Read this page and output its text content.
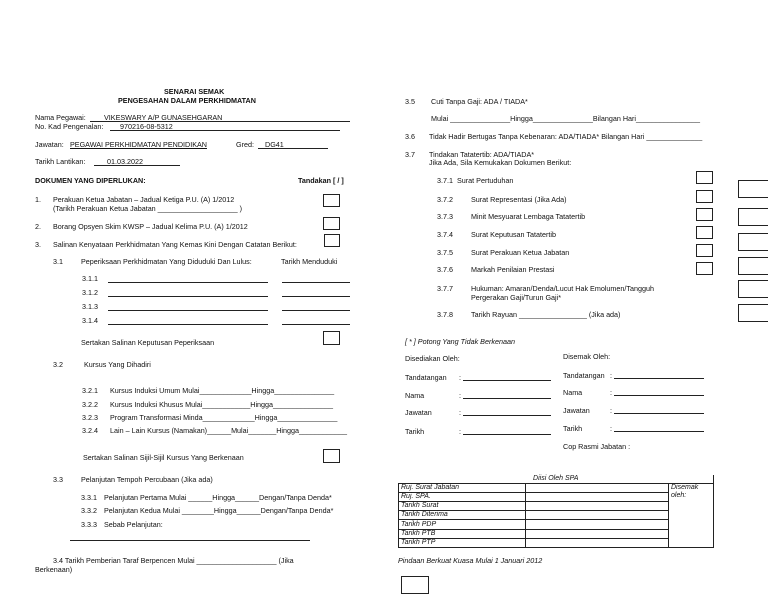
SENARAI SEMAK
PENGESAHAN DALAM PERKHIDMATAN
Nama Pegawai:	VIKESWARY A/P GUNASEHGARAN
No. Kad Pengenalan: 970216-08-5312
Jawatan: PEGAWAI PERKHIDMATAN PENDIDIKAN	Gred: DG41
Tarikh Lantikan:	01.03.2022
DOKUMEN YANG DIPERLUKAN:	Tandakan [ / ]
1. Perakuan Ketua Jabatan – Jadual Ketiga P.U. (A) 1/2012
(Tarikh Perakuan Ketua Jabatan ____________________ )
2. Borang Opsyen Skim KWSP – Jadual Kelima P.U. (A) 1/2012
3. Salinan Kenyataan Perkhidmatan Yang Kemas Kini Dengan Catatan Berikut:
3.1	Peperiksaan Perkhidmatan Yang Diduduki Dan Lulus:	Tarikh Menduduki
3.1.1
3.1.2
3.1.3
3.1.4
Sertakan Salinan Keputusan Peperiksaan
3.2	Kursus Yang Dihadiri
3.2.1 Kursus Induksi Umum Mulai_____________Hingga_______________
3.2.2 Kursus Induksi Khusus Mulai____________Hingga_______________
3.2.3 Program Transformasi Minda_____________Hingga_______________
3.2.4 Lain – Lain Kursus (Namakan)______Mulai_______Hingga____________
Sertakan Salinan Sijil-Sijil Kursus Yang Berkenaan
3.3	Pelanjutan Tempoh Percubaan (Jika ada)
3.3.1 Pelanjutan Pertama Mulai ______Hingga______Dengan/Tanpa Denda*
3.3.2 Pelanjutan Kedua Mulai ________Hingga______Dengan/Tanpa Denda*
3.3.3 Sebab Pelanjutan:
3.4 Tarikh Pemberian Taraf Berpencen Mulai ____________________ (Jika
Berkenaan)
3.5 Cuti Tanpa Gaji: ADA / TIADA*
Mulai _______________Hingga_______________Bilangan Hari________________
3.6 Tidak Hadir Bertugas Tanpa Kebenaran: ADA/TIADA* Bilangan Hari ______________
3.7 Tindakan Tatatertib: ADA/TIADA*
Jika Ada, Sila Kemukakan Dokumen Berikut:
3.7.1 Surat Pertuduhan
3.7.2	Surat Representasi (Jika Ada)
3.7.3	Minit Mesyuarat Lembaga Tatatertib
3.7.4	Surat Keputusan Tatatertib
3.7.5	Surat Perakuan Ketua Jabatan
3.7.6	Markah Penilaian Prestasi
3.7.7	Hukuman: Amaran/Denda/Lucut Hak Emolumen/Tangguh
Pergerakan Gaji/Turun Gaji*
3.7.8	Tarikh Rayuan _________________ (Jika ada)
[ * ] Potong Yang Tidak Berkenaan
Disediakan Oleh:	Disemak Oleh:
Tandatangan :
Nama	:
Jawatan	:
Tarikh	:
Tandatangan :
Nama	:
Jawatan	:
Tarikh	:
Cop Rasmi Jabatan :
Diisi Oleh SPA		
Ruj. Surat Jabatan		Disemak oleh:

Ruj. SPA.		
Tarikh Surat		
Tarikh Diterima		
Tarikh PDP		
Tarikh PTB		
Tarikh PTP		
Pindaan Berkuat Kuasa Mulai 1 Januari 2012
